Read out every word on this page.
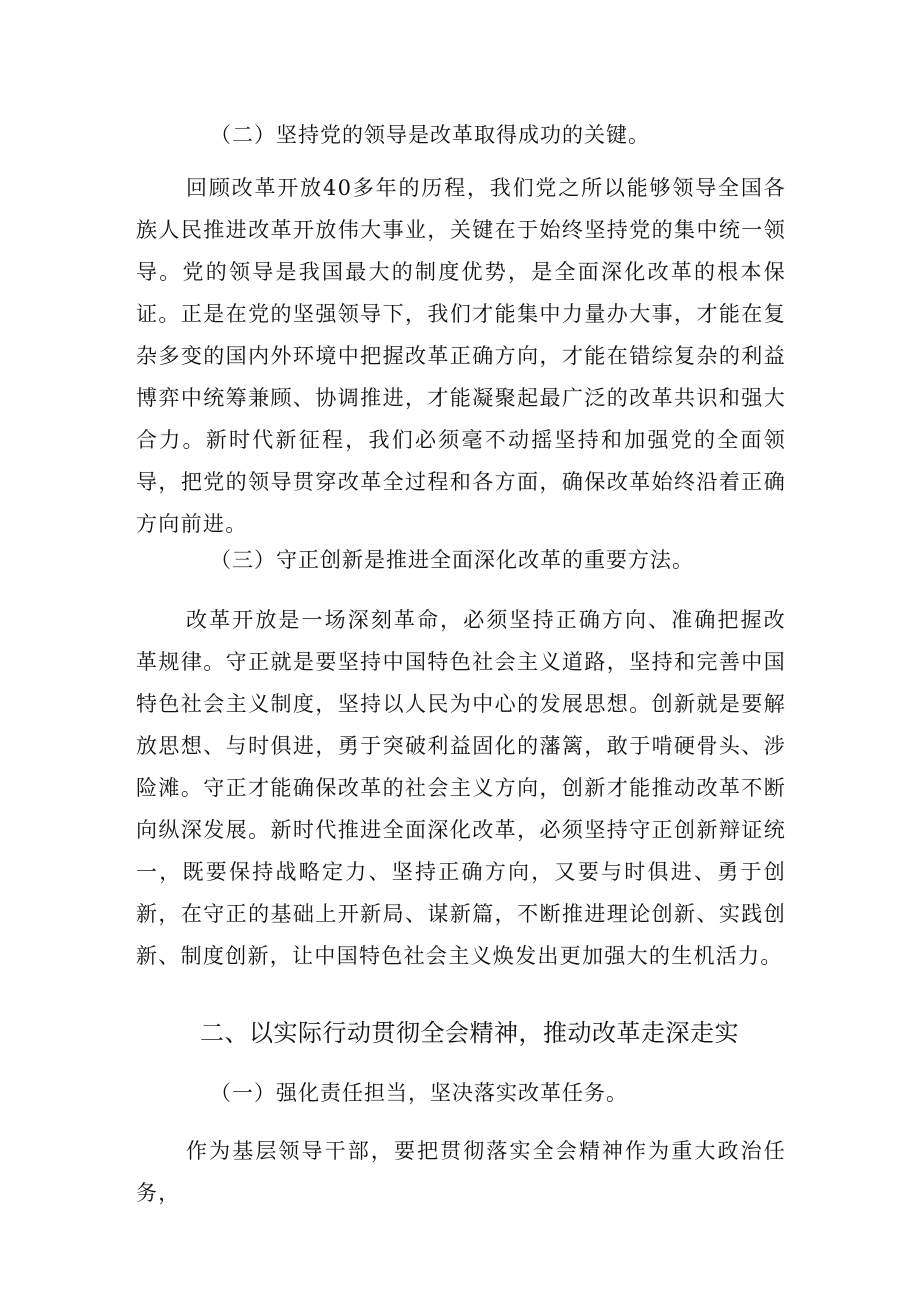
（二）坚持党的领导是改革取得成功的关键。
回顾改革开放40多年的历程，我们党之所以能够领导全国各族人民推进改革开放伟大事业，关键在于始终坚持党的集中统一领导。党的领导是我国最大的制度优势，是全面深化改革的根本保证。正是在党的坚强领导下，我们才能集中力量办大事，才能在复杂多变的国内外环境中把握改革正确方向，才能在错综复杂的利益博弈中统筹兼顾、协调推进，才能凝聚起最广泛的改革共识和强大合力。新时代新征程，我们必须毫不动摇坚持和加强党的全面领导，把党的领导贯穿改革全过程和各方面，确保改革始终沿着正确方向前进。
（三）守正创新是推进全面深化改革的重要方法。
改革开放是一场深刻革命，必须坚持正确方向、准确把握改革规律。守正就是要坚持中国特色社会主义道路，坚持和完善中国特色社会主义制度，坚持以人民为中心的发展思想。创新就是要解放思想、与时俱进，勇于突破利益固化的藩篱，敢于啃硬骨头、涉险滩。守正才能确保改革的社会主义方向，创新才能推动改革不断向纵深发展。新时代推进全面深化改革，必须坚持守正创新辩证统一，既要保持战略定力、坚持正确方向，又要与时俱进、勇于创新，在守正的基础上开新局、谋新篇，不断推进理论创新、实践创新、制度创新，让中国特色社会主义焕发出更加强大的生机活力。
二、以实际行动贯彻全会精神，推动改革走深走实
（一）强化责任担当，坚决落实改革任务。
作为基层领导干部，要把贯彻落实全会精神作为重大政治任务，
